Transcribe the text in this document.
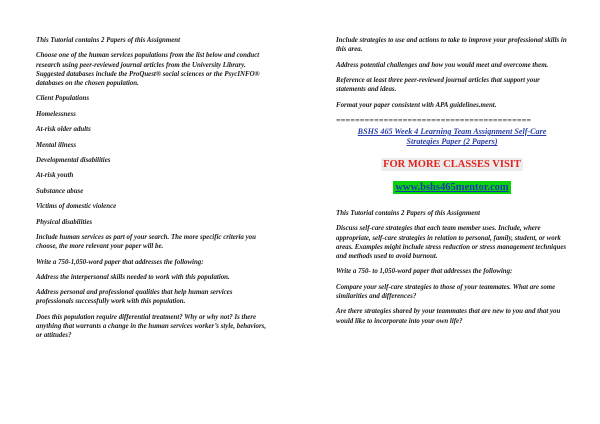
This Tutorial contains 2 Papers of this Assignment

Choose one of the human services populations from the list below and conduct research using peer-reviewed journal articles from the University Library. Suggested databases include the ProQuest® social sciences or the PsycINFO® databases on the chosen population.

Client Populations

Homelessness

At-risk older adults

Mental illness

Developmental disabilities

At-risk youth

Substance abuse

Victims of domestic violence

Physical disabilities

Include human services as part of your search. The more specific criteria you choose, the more relevant your paper will be.

Write a 750-1,050-word paper that addresses the following:

Address the interpersonal skills needed to work with this population.

Address personal and professional qualities that help human services professionals successfully work with this population.

Does this population require differential treatment? Why or why not? Is there anything that warrants a change in the human services worker’s style, behaviors, or attitudes?

Include strategies to use and actions to take to improve your professional skills in this area.

Address potential challenges and how you would meet and overcome them.

Reference at least three peer-reviewed journal articles that support your statements and ideas.

Format your paper consistent with APA guidelines.ment.

=========================================
BSHS 465 Week 4 Learning Team Assignment Self-Care Strategies Paper (2 Papers)
FOR MORE CLASSES VISIT
www.bshs465mentor.com

This Tutorial contains 2 Papers of this Assignment

Discuss self-care strategies that each team member uses. Include, where appropriate, self-care strategies in relation to personal, family, student, or work areas. Examples might include stress reduction or stress management techniques and methods used to avoid burnout.

Write a 750- to 1,050-word paper that addresses the following:

Compare your self-care strategies to those of your teammates. What are some similarities and differences?

Are there strategies shared by your teammates that are new to you and that you would like to incorporate into your own life?
